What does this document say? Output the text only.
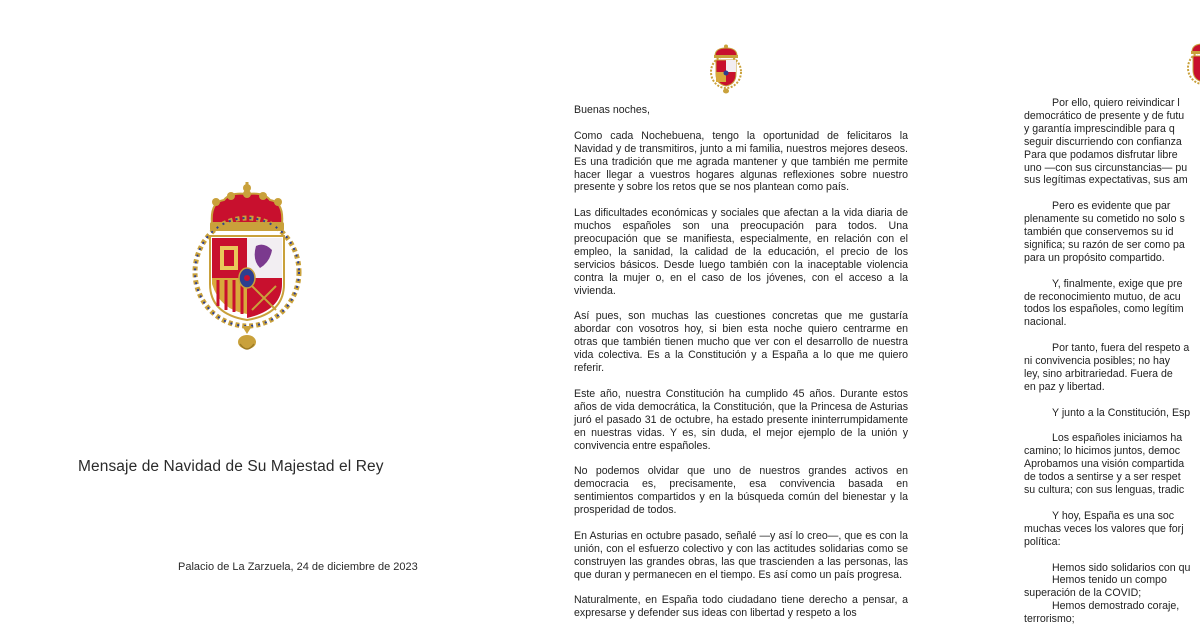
Mensaje de Navidad de Su Majestad el Rey
Palacio de La Zarzuela, 24 de diciembre de 2023

Buenas noches,

Como cada Nochebuena, tengo la oportunidad de felicitaros la Navidad y de transmitiros, junto a mi familia, nuestros mejores deseos. Es una tradición que me agrada mantener y que también me permite hacer llegar a vuestros hogares algunas reflexiones sobre nuestro presente y sobre los retos que se nos plantean como país.

Las dificultades económicas y sociales que afectan a la vida diaria de muchos españoles son una preocupación para todos. Una preocupación que se manifiesta, especialmente, en relación con el empleo, la sanidad, la calidad de la educación, el precio de los servicios básicos. Desde luego también con la inaceptable violencia contra la mujer o, en el caso de los jóvenes, con el acceso a la vivienda.

Así pues, son muchas las cuestiones concretas que me gustaría abordar con vosotros hoy, si bien esta noche quiero centrarme en otras que también tienen mucho que ver con el desarrollo de nuestra vida colectiva. Es a la Constitución y a España a lo que me quiero referir.

Este año, nuestra Constitución ha cumplido 45 años. Durante estos años de vida democrática, la Constitución, que la Princesa de Asturias juró el pasado 31 de octubre, ha estado presente ininterrumpidamente en nuestras vidas. Y es, sin duda, el mejor ejemplo de la unión y convivencia entre españoles.

No podemos olvidar que uno de nuestros grandes activos en democracia es, precisamente, esa convivencia basada en sentimientos compartidos y en la búsqueda común del bienestar y la prosperidad de todos.

En Asturias en octubre pasado, señalé —y así lo creo—, que es con la unión, con el esfuerzo colectivo y con las actitudes solidarias como se construyen las grandes obras, las que trascienden a las personas, las que duran y permanecen en el tiempo. Es así como un país progresa.

Naturalmente, en España todo ciudadano tiene derecho a pensar, a expresarse y defender sus ideas con libertad y respeto a los

Por ello, quiero reivindicar l
democrático de presente y de futu
y garantía imprescindible para q
seguir discurriendo con confianza
Para que podamos disfrutar libre
uno —con sus circunstancias— pu
sus legítimas expectativas, sus am
Pero es evidente que par
plenamente su cometido no solo s
también que conservemos su id
significa; su razón de ser como pa
para un propósito compartido.
Y, finalmente, exige que pre
de reconocimiento mutuo, de acu
todos los españoles, como legítim
nacional.
Por tanto, fuera del respeto a
ni convivencia posibles; no hay
ley, sino arbitrariedad. Fuera de
en paz y libertad.
Y junto a la Constitución, Esp
Los españoles iniciamos ha
camino; lo hicimos juntos, democ
Aprobamos una visión compartida
de todos a sentirse y a ser respet
su cultura; con sus lenguas, tradic
Y hoy, España es una soc
muchas veces los valores que forj
política:
Hemos sido solidarios con qu
Hemos tenido un compo
superación de la COVID;
Hemos demostrado coraje,
terrorismo;
